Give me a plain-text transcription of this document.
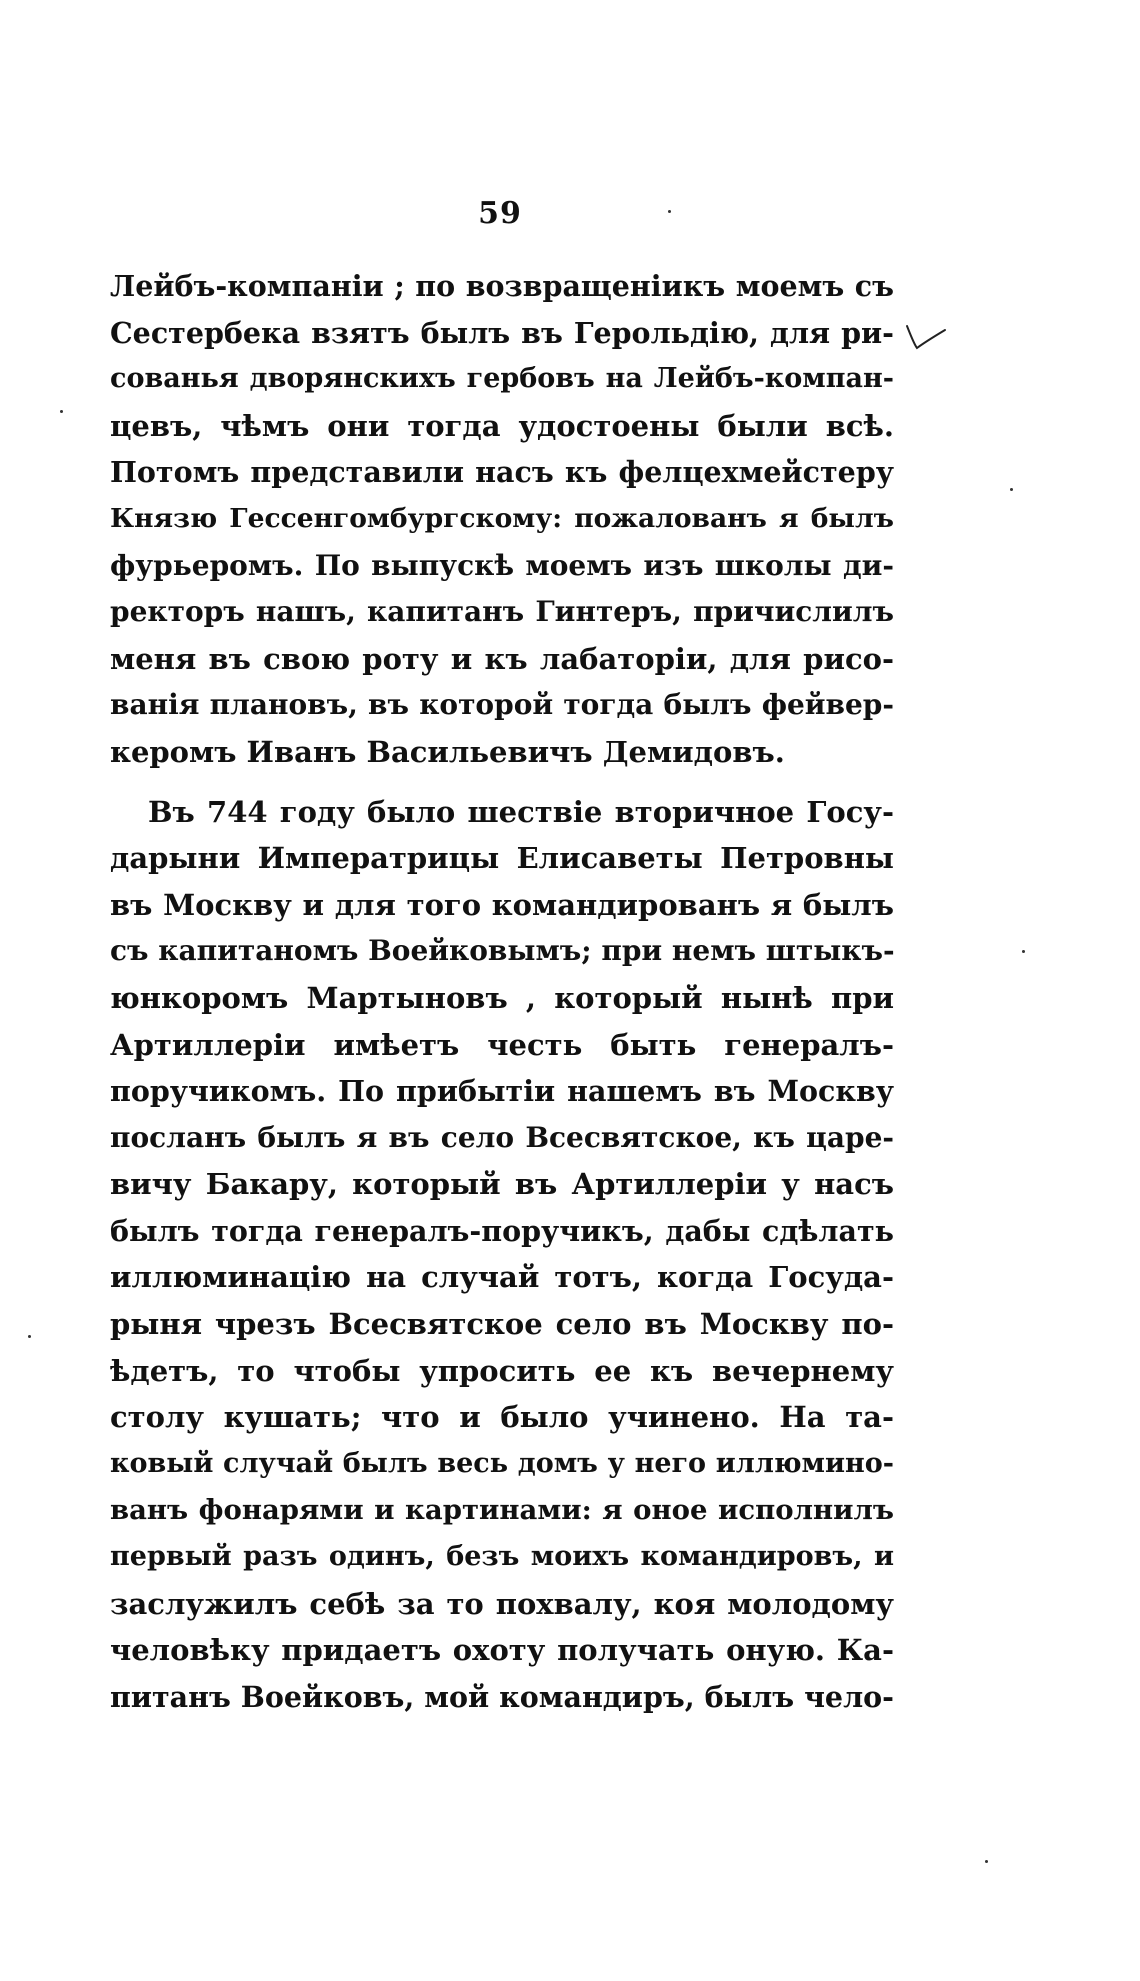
59
Лейбъ-компаніи ; по возвращеніикъ моемъ съ
Сестербека взятъ былъ въ Герольдію, для ри-
сованья дворянскихъ гербовъ на Лейбъ-компан-
цевъ, чѣмъ они тогда удостоены были всѣ.
Потомъ представили насъ къ фелцехмейстеру
Князю Гессенгомбургскому: пожалованъ я былъ
фурьеромъ. По выпускѣ моемъ изъ школы ди-
ректоръ нашъ, капитанъ Гинтеръ, причислилъ
меня въ свою роту и къ лабаторіи, для рисо-
ванія плановъ, въ которой тогда былъ фейвер-
керомъ Иванъ Васильевичъ Демидовъ.
Въ 744 году было шествіе вторичное Госу-
дарыни Императрицы Елисаветы Петровны
въ Москву и для того командированъ я былъ
съ капитаномъ Воейковымъ; при немъ штыкъ-
юнкоромъ Мартыновъ , который нынѣ при
Артиллеріи имѣетъ честь быть генералъ-
поручикомъ. По прибытіи нашемъ въ Москву
посланъ былъ я въ село Всесвятское, къ царе-
вичу Бакару, который въ Артиллеріи у насъ
былъ тогда генералъ-поручикъ, дабы сдѣлать
иллюминацію на случай тотъ, когда Госуда-
рыня чрезъ Всесвятское село въ Москву по-
ѣдетъ, то чтобы упросить ее къ вечернему
столу кушать; что и было учинено. На та-
ковый случай былъ весь домъ у него иллюмино-
ванъ фонарями и картинами: я оное исполнилъ
первый разъ одинъ, безъ моихъ командировъ, и
заслужилъ себѣ за то похвалу, коя молодому
человѣку придаетъ охоту получать оную. Ка-
питанъ Воейковъ, мой командиръ, былъ чело-
